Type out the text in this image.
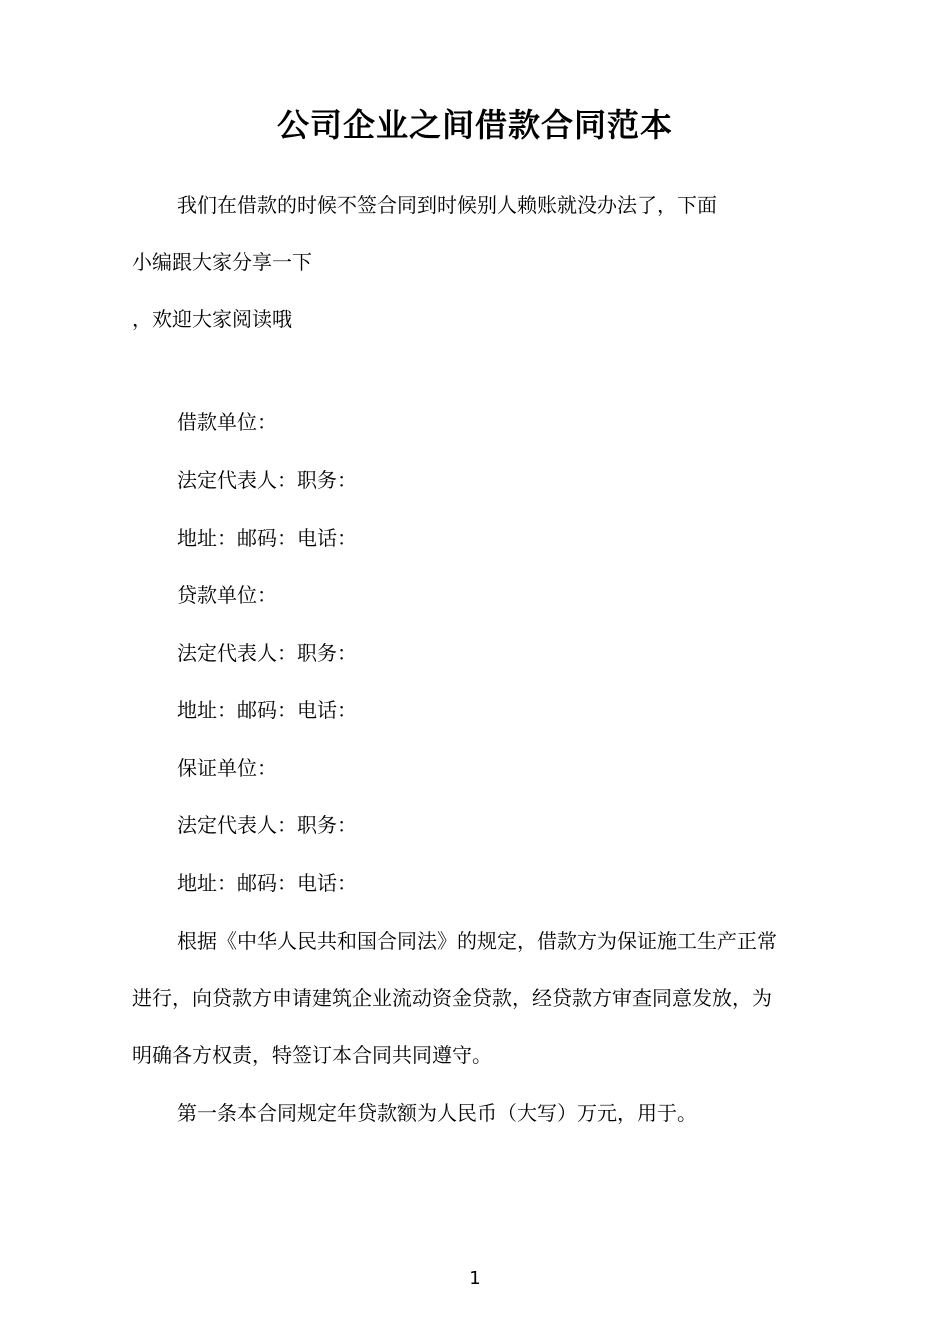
公司企业之间借款合同范本
我们在借款的时候不签合同到时候别人赖账就没办法了，下面
小编跟大家分享一下
，欢迎大家阅读哦
借款单位：
法定代表人：职务：
地址：邮码：电话：
贷款单位：
法定代表人：职务：
地址：邮码：电话：
保证单位：
法定代表人：职务：
地址：邮码：电话：
根据《中华人民共和国合同法》的规定，借款方为保证施工生产正常
进行，向贷款方申请建筑企业流动资金贷款，经贷款方审查同意发放，为
明确各方权责，特签订本合同共同遵守。
第一条本合同规定年贷款额为人民币（大写）万元，用于。
1
